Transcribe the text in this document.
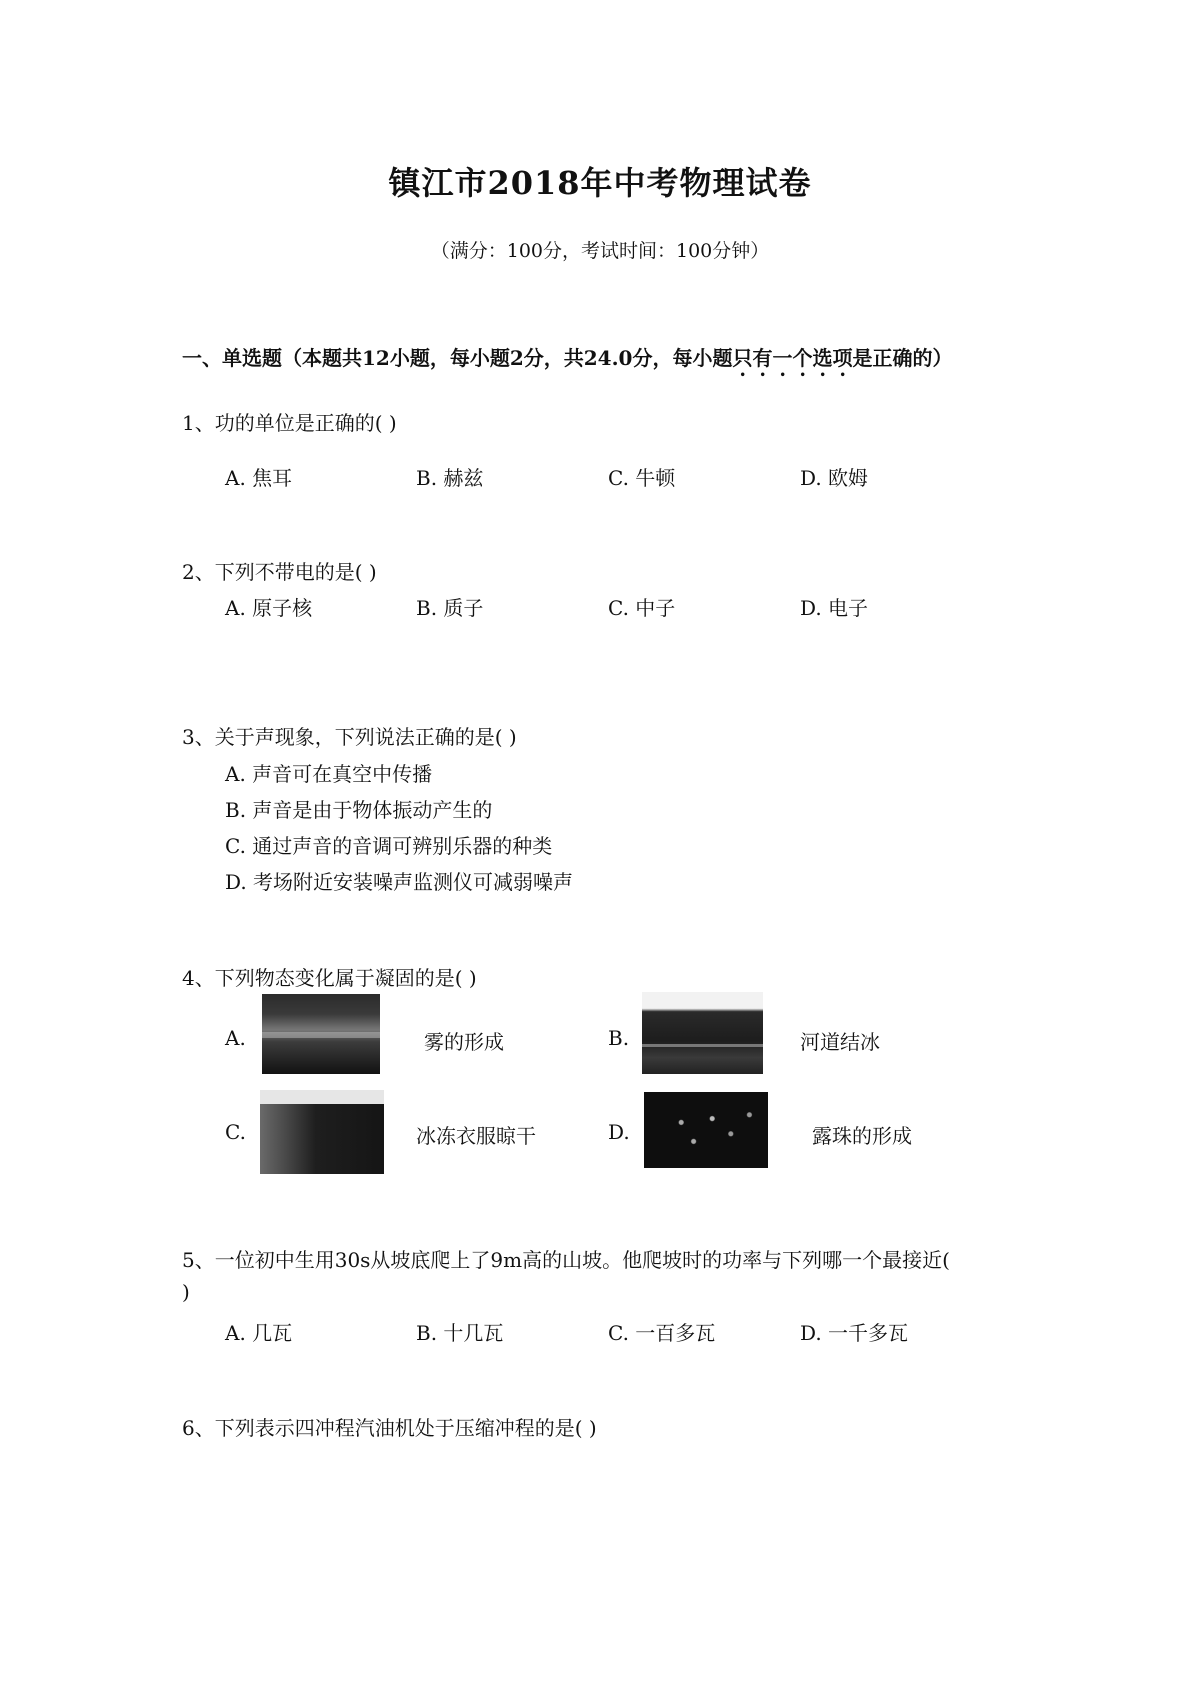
镇江市2018年中考物理试卷
（满分：100分，考试时间：100分钟）
一、单选题（本题共12小题，每小题2分，共24.0分，每小题只有一个选项是正确的）
1、功的单位是正确的( )
A. 焦耳	B. 赫兹	C. 牛顿	D. 欧姆
2、下列不带电的是( )
A. 原子核	B. 质子	C. 中子	D. 电子
3、关于声现象，下列说法正确的是( )
A. 声音可在真空中传播
B. 声音是由于物体振动产生的
C. 通过声音的音调可辨别乐器的种类
D. 考场附近安装噪声监测仪可减弱噪声
4、下列物态变化属于凝固的是( )
A.	雾的形成	B.	河道结冰
C.	冰冻衣服晾干	D.	露珠的形成
5、一位初中生用30s从坡底爬上了9m高的山坡。他爬坡时的功率与下列哪一个最接近(
)
A. 几瓦	B. 十几瓦	C. 一百多瓦	D. 一千多瓦
6、下列表示四冲程汽油机处于压缩冲程的是( )
